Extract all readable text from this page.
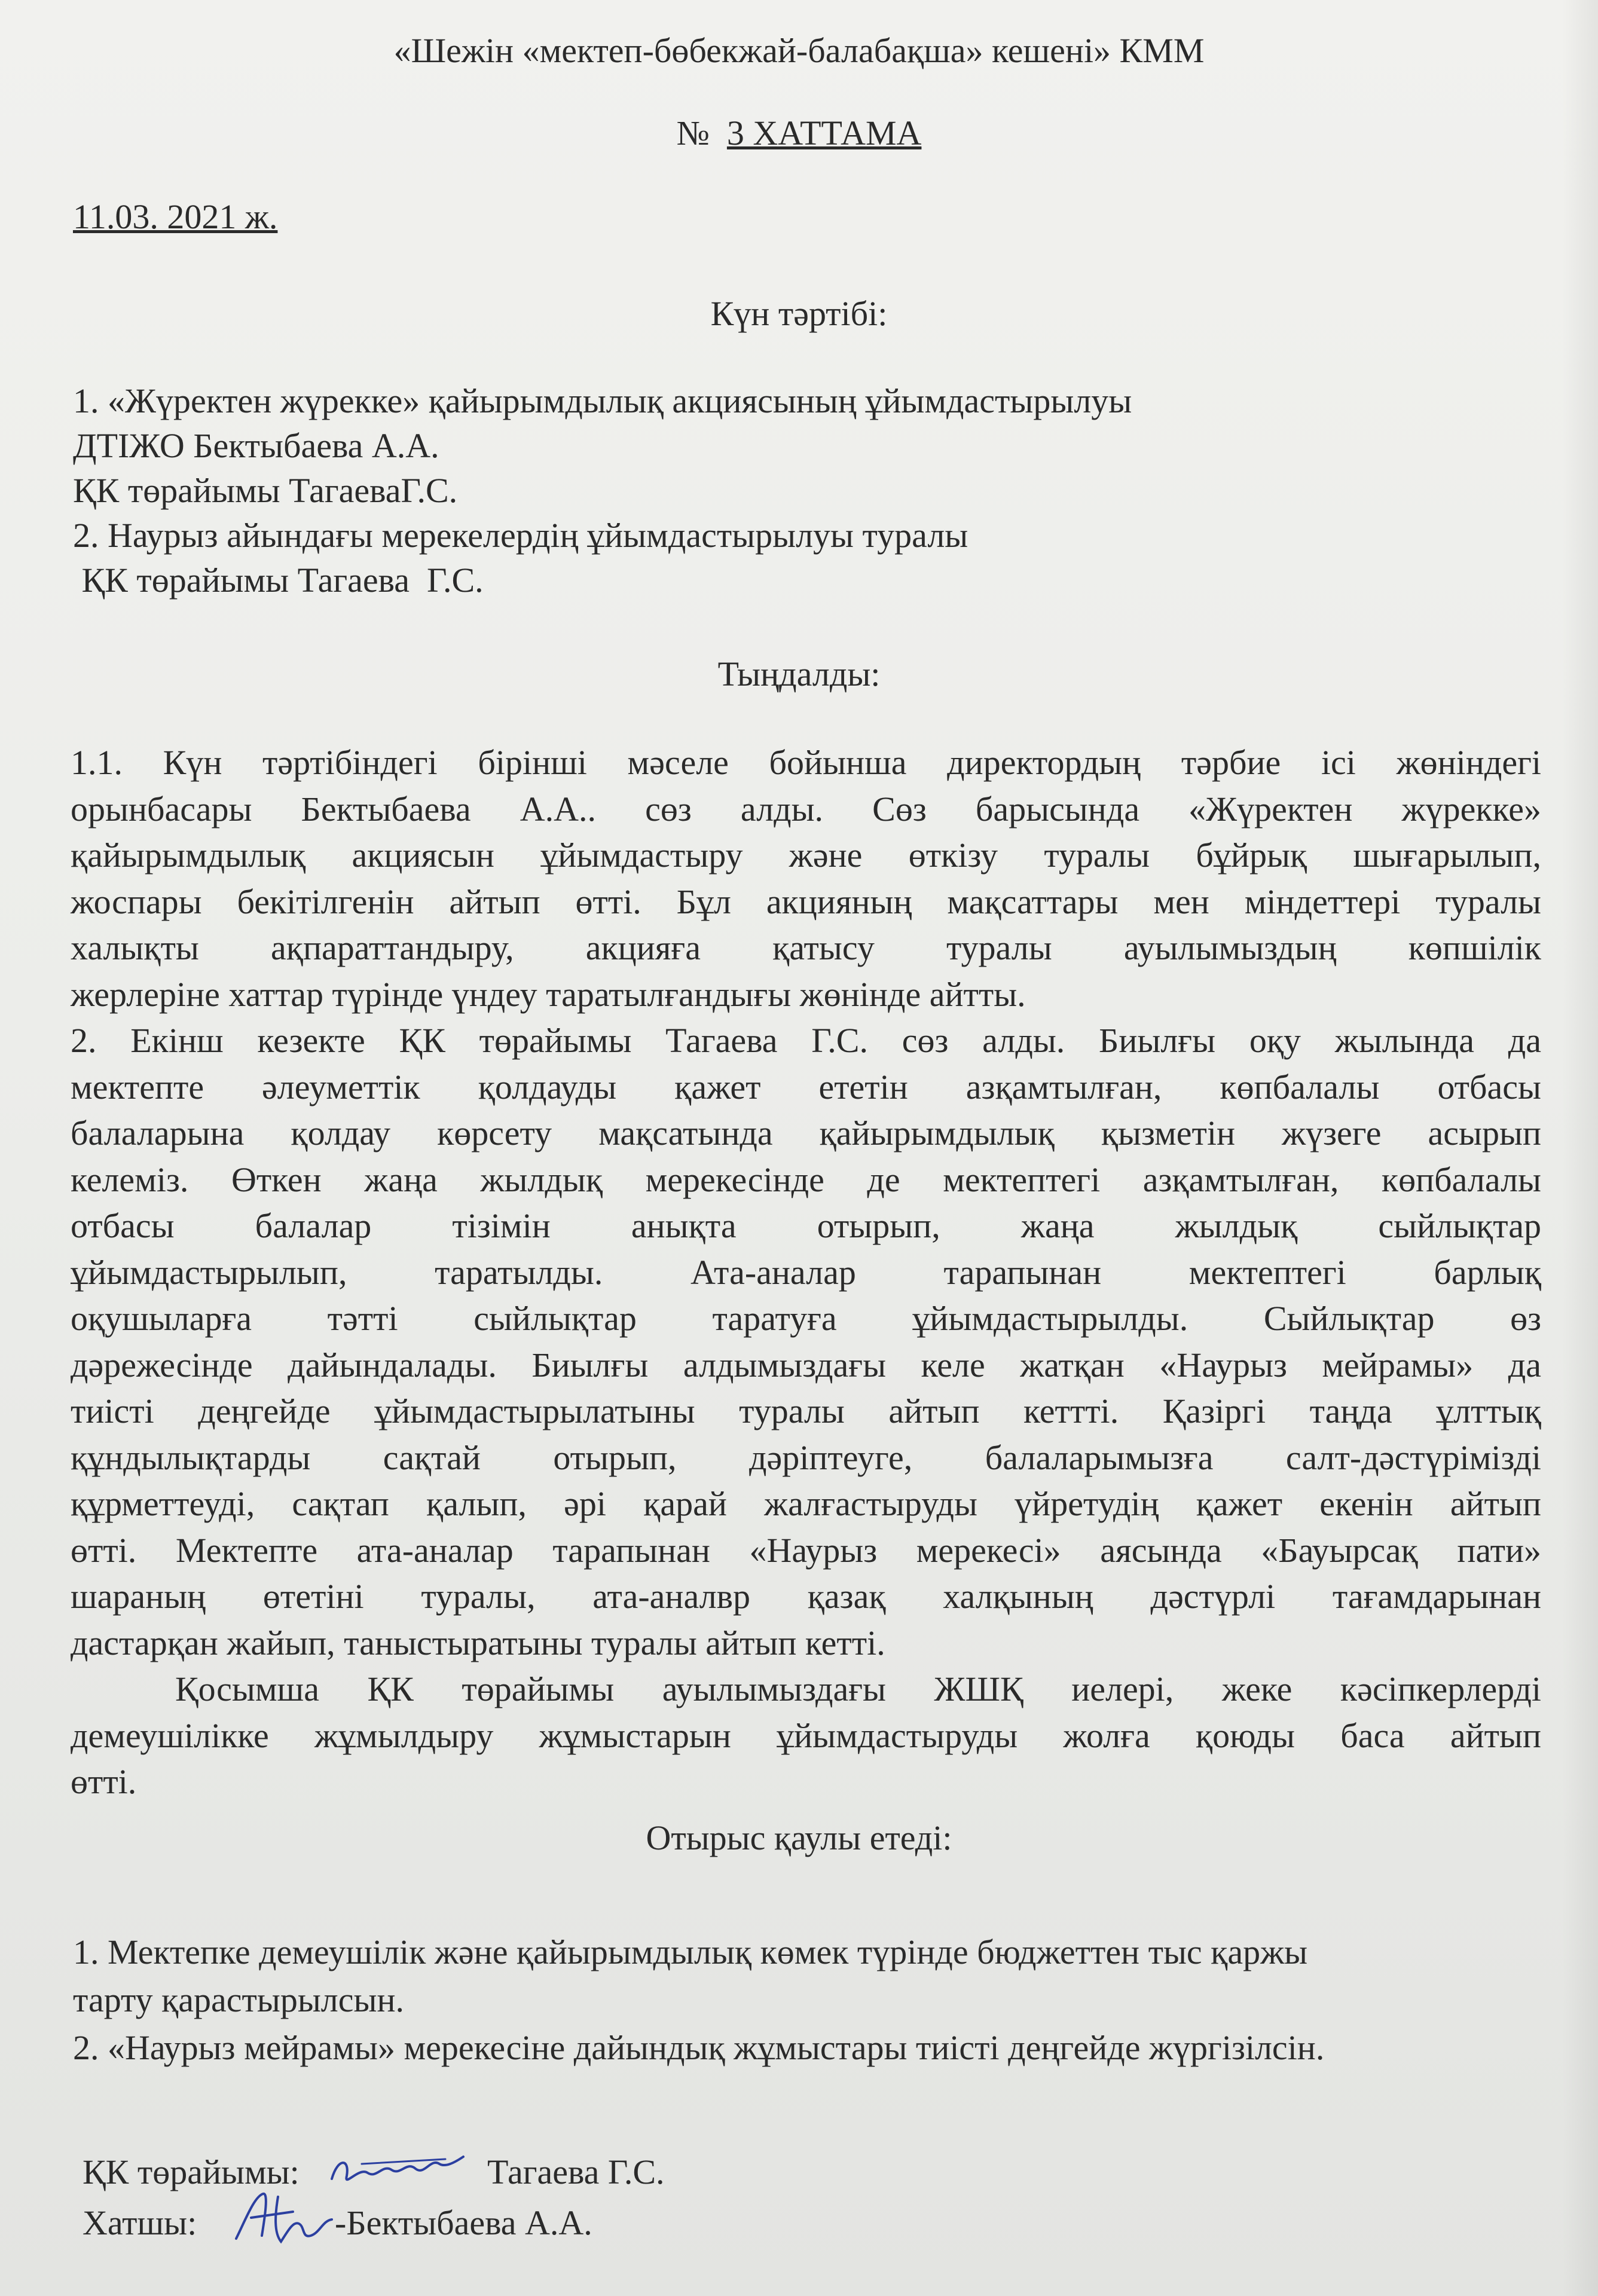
«Шежін «мектеп-бөбекжай-балабақша» кешені» КММ
№ 3 ХАТТАМА
11.03. 2021 ж.
Күн тәртібі:
1. «Жүректен жүрекке» қайырымдылық акциясының ұйымдастырылуы
ДТІЖО Бектыбаева А.А.
ҚК төрайымы ТагаеваГ.С.
2. Наурыз айындағы мерекелердің ұйымдастырылуы туралы
ҚК төрайымы Тагаева  Г.С.
Тыңдалды:
1.1. Күн тәртібіндегі бірінші мәселе бойынша директордың тәрбие ісі жөніндегі
орынбасары Бектыбаева А.А.. сөз алды. Сөз барысында «Жүректен жүрекке»
қайырымдылық акциясын ұйымдастыру және өткізу туралы бұйрық шығарылып,
жоспары бекітілгенін айтып өтті. Бұл акцияның мақсаттары мен міндеттері туралы
халықты ақпараттандыру, акцияға қатысу туралы ауылымыздың көпшілік
жерлеріне хаттар түрінде үндеу таратылғандығы жөнінде айтты.
2. Екінш кезекте ҚК төрайымы Тагаева Г.С. сөз алды. Биылғы оқу жылында да
мектепте әлеуметтік қолдауды қажет ететін азқамтылған, көпбалалы отбасы
балаларына қолдау көрсету мақсатында қайырымдылық қызметін жүзеге асырып
келеміз. Өткен жаңа жылдық мерекесінде де мектептегі азқамтылған, көпбалалы
отбасы балалар тізімін анықта отырып, жаңа жылдық сыйлықтар
ұйымдастырылып, таратылды. Ата-аналар тарапынан мектептегі барлық
оқушыларға тәтті сыйлықтар таратуға ұйымдастырылды. Сыйлықтар өз
дәрежесінде дайындалады. Биылғы алдымыздағы келе жатқан «Наурыз мейрамы» да
тиісті деңгейде ұйымдастырылатыны туралы айтып кеттті. Қазіргі таңда ұлттық
құндылықтарды сақтай отырып, дәріптеуге, балаларымызға салт-дәстүрімізді
құрметтеуді, сақтап қалып, әрі қарай жалғастыруды үйретудің қажет екенін айтып
өтті. Мектепте ата-аналар тарапынан «Наурыз мерекесі» аясында «Бауырсақ пати»
шараның өтетіні туралы, ата-аналвр қазақ халқының дәстүрлі тағамдарынан
дастарқан жайып, таныстыратыны туралы айтып кетті.
Қосымша ҚК төрайымы ауылымыздағы ЖШҚ иелері, жеке кәсіпкерлерді
демеушілікке жұмылдыру жұмыстарын ұйымдастыруды жолға қоюды баса айтып
өтті.
Отырыс қаулы етеді:
1. Мектепке демеушілік және қайырымдылық көмек түрінде бюджеттен тыс қаржы
тарту қарастырылсын.
2. «Наурыз мейрамы» мерекесіне дайындық жұмыстары тиісті деңгейде жүргізілсін.
ҚК төрайымы:	Тагаева Г.С.
Хатшы:	-Бектыбаева А.А.
